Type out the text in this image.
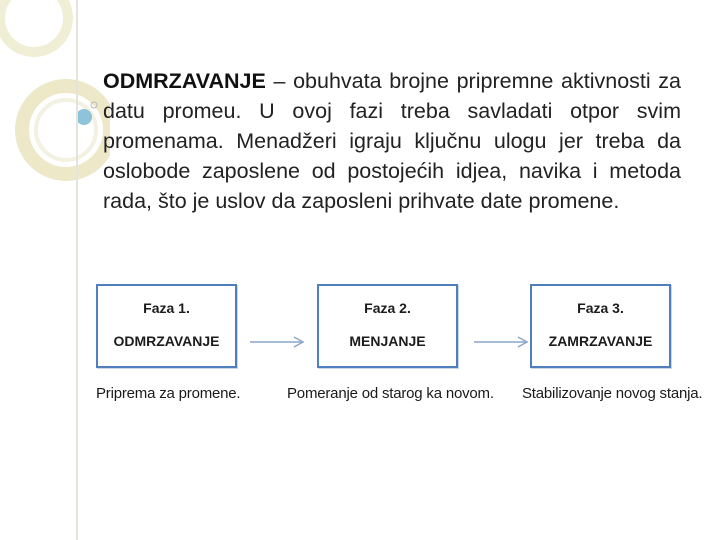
ODMRZAVANJE – obuhvata brojne pripremne aktivnosti za datu promeu. U ovoj fazi treba savladati otpor svim promenama. Menadžeri igraju ključnu ulogu jer treba da oslobode zaposlene od postojećih idjea, navika i metoda rada, što je uslov da zaposleni prihvate date promene.
Faza 1.
ODMRZAVANJE
Faza 2.
MENJANJE
Faza 3.
ZAMRZAVANJE
Priprema za promene.	Pomeranje od starog ka novom. Stabilizovanje novog stanja.
